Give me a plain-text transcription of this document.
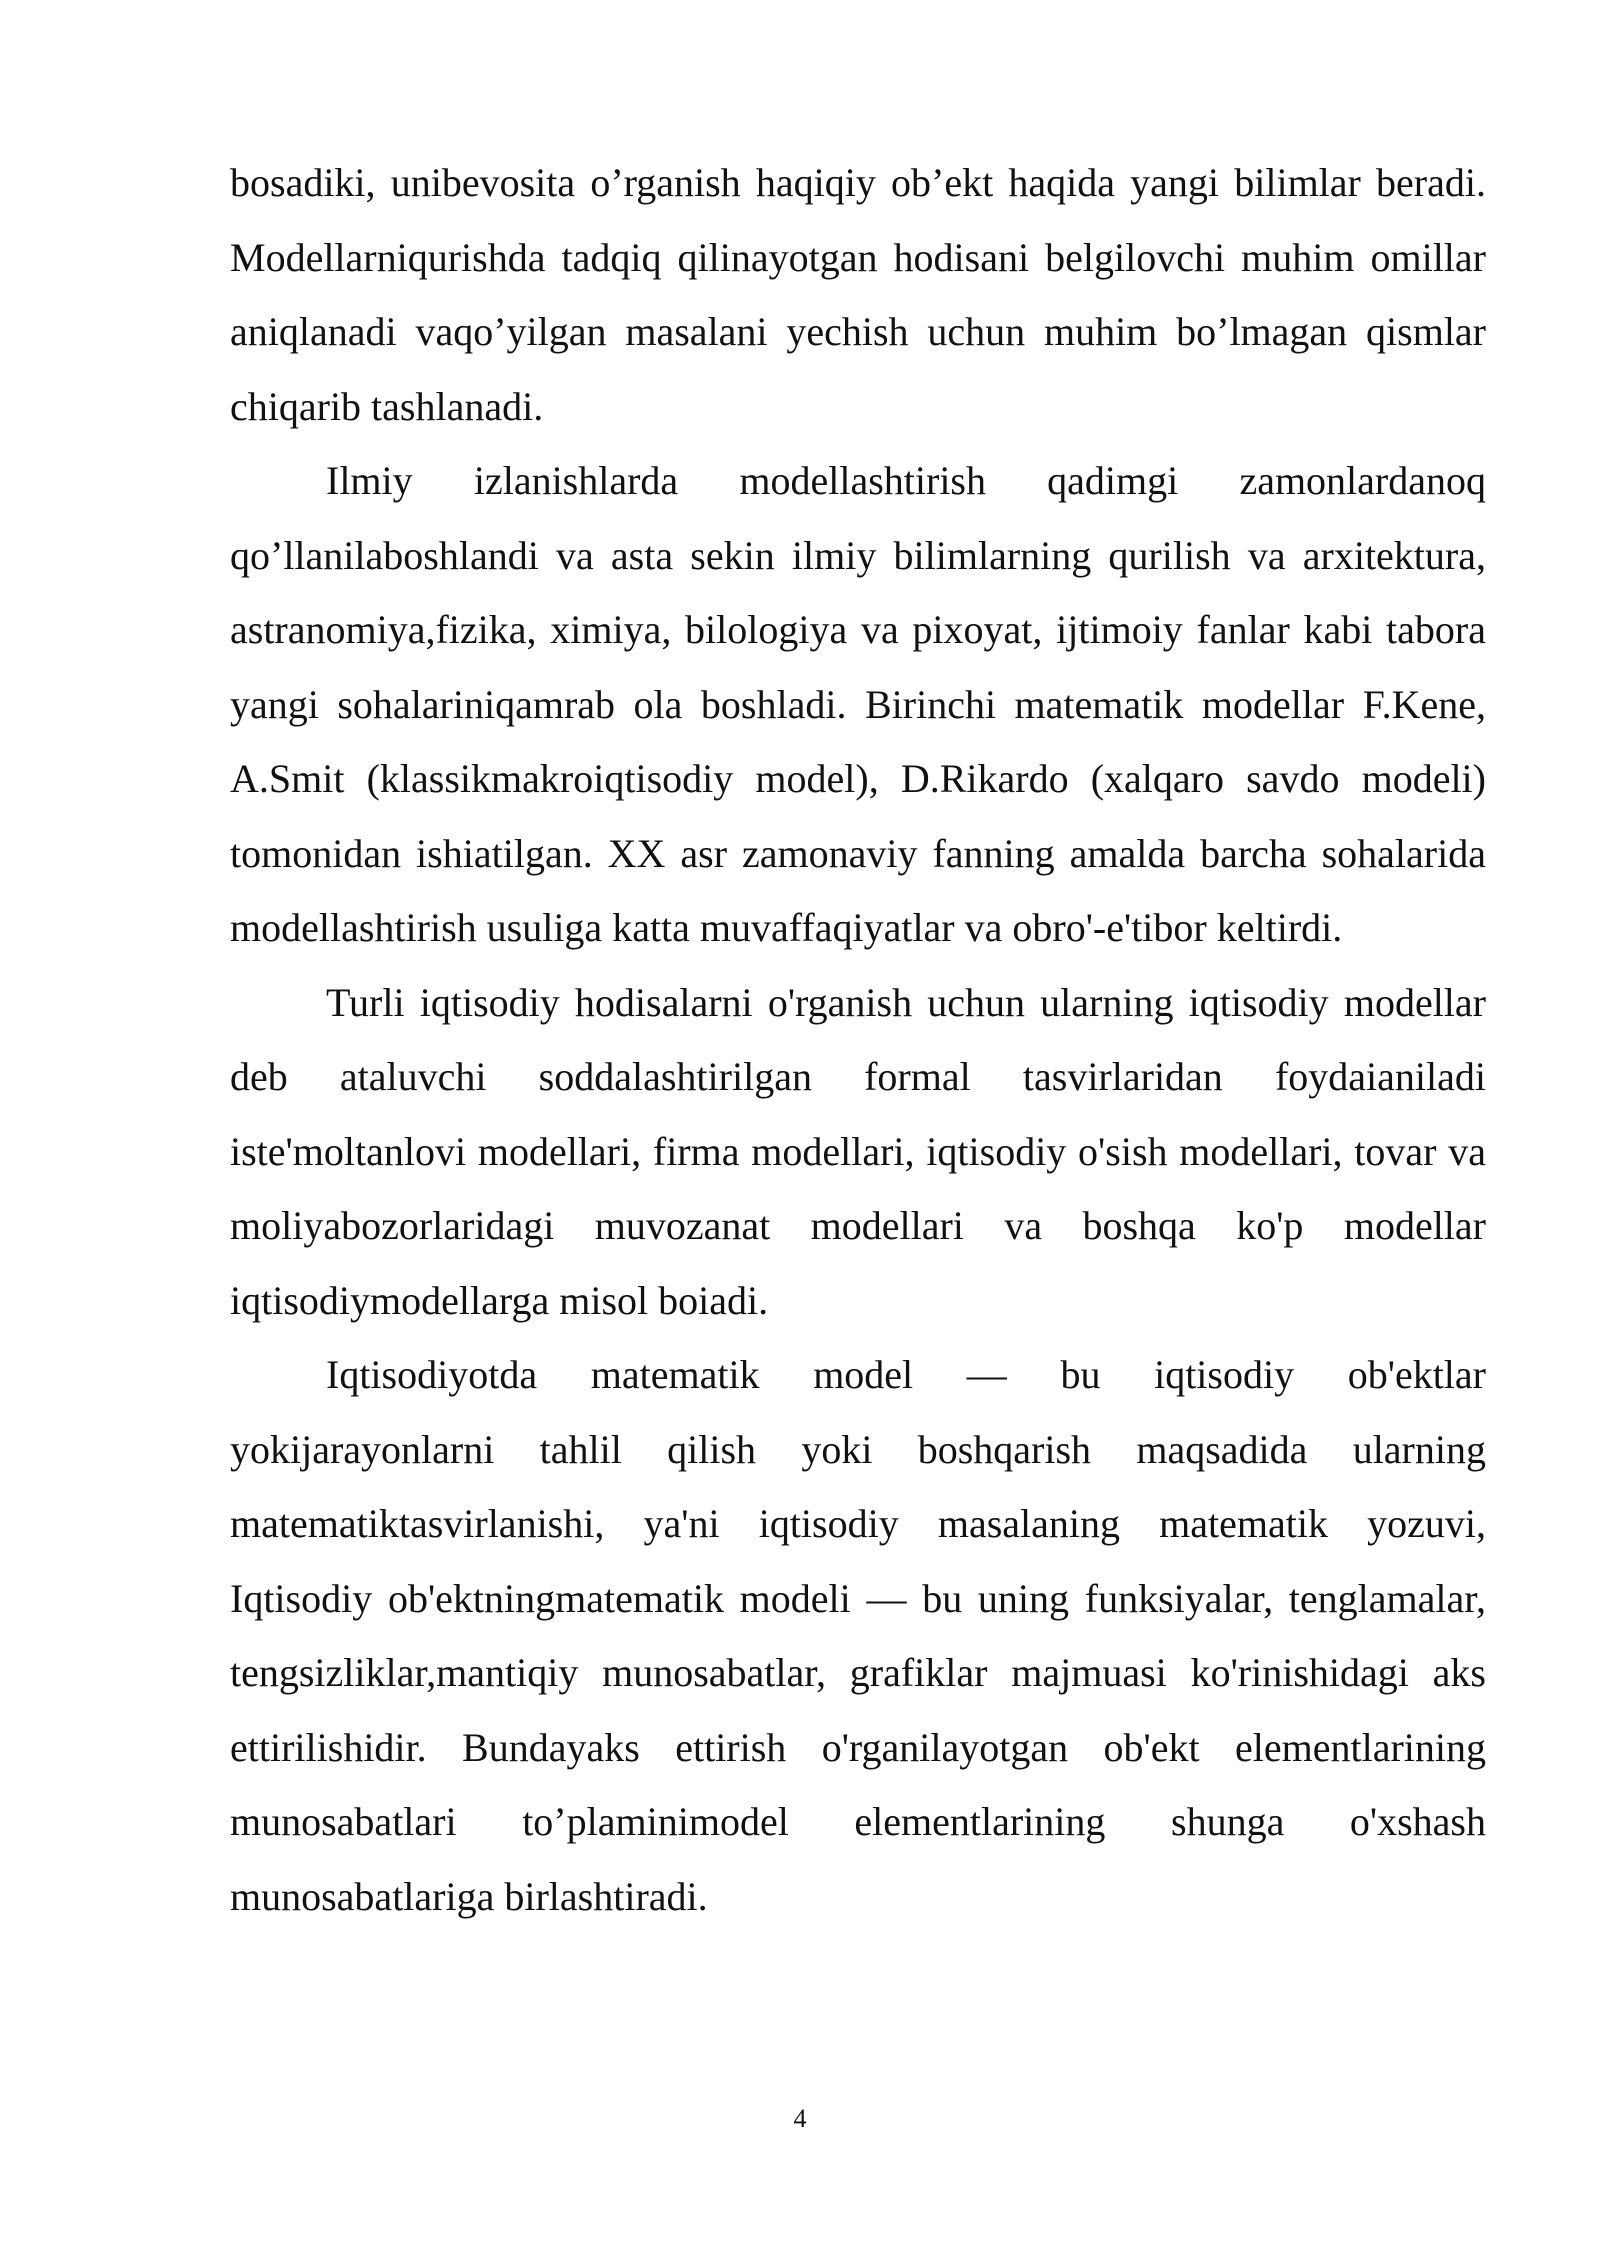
bosadiki, unibevosita o’rganish haqiqiy ob’ekt haqida yangi bilimlar beradi. Modellarniqurishda tadqiq qilinayotgan hodisani belgilovchi muhim omillar aniqlanadi vaqo’yilgan masalani yechish uchun muhim bo’lmagan qismlar chiqarib tashlanadi.

Ilmiy izlanishlarda modellashtirish qadimgi zamonlardanoq qo’llanilaboshlandi va asta sekin ilmiy bilimlarning qurilish va arxitektura, astranomiya,fizika, ximiya, bilologiya va pixoyat, ijtimoiy fanlar kabi tabora yangi sohalariniqamrab ola boshladi. Birinchi matematik modellar F.Kene, A.Smit (klassikmakroiqtisodiy model), D.Rikardo (xalqaro savdo modeli) tomonidan ishiatilgan. XX asr zamonaviy fanning amalda barcha sohalarida modellashtirish usuliga katta muvaffaqiyatlar va obro'-e'tibor keltirdi.

Turli iqtisodiy hodisalarni o'rganish uchun ularning iqtisodiy modellar deb ataluvchi soddalashtirilgan formal tasvirlaridan foydaianiladi iste'moltanlovi modellari, firma modellari, iqtisodiy o'sish modellari, tovar va moliyabozorlaridagi muvozanat modellari va boshqa ko'p modellar iqtisodiymodellarga misol boiadi.

Iqtisodiyotda matematik model — bu iqtisodiy ob'ektlar yokijarayonlarni tahlil qilish yoki boshqarish maqsadida ularning matematiktasvirlanishi, ya'ni iqtisodiy masalaning matematik yozuvi, Iqtisodiy ob'ektningmatematik modeli — bu uning funksiyalar, tenglamalar, tengsizliklar,mantiqiy munosabatlar, grafiklar majmuasi ko'rinishidagi aks ettirilishidir. Bundayaks ettirish o'rganilayotgan ob'ekt elementlarining munosabatlari to’plaminimodel elementlarining shunga o'xshash munosabatlariga birlashtiradi.

4
